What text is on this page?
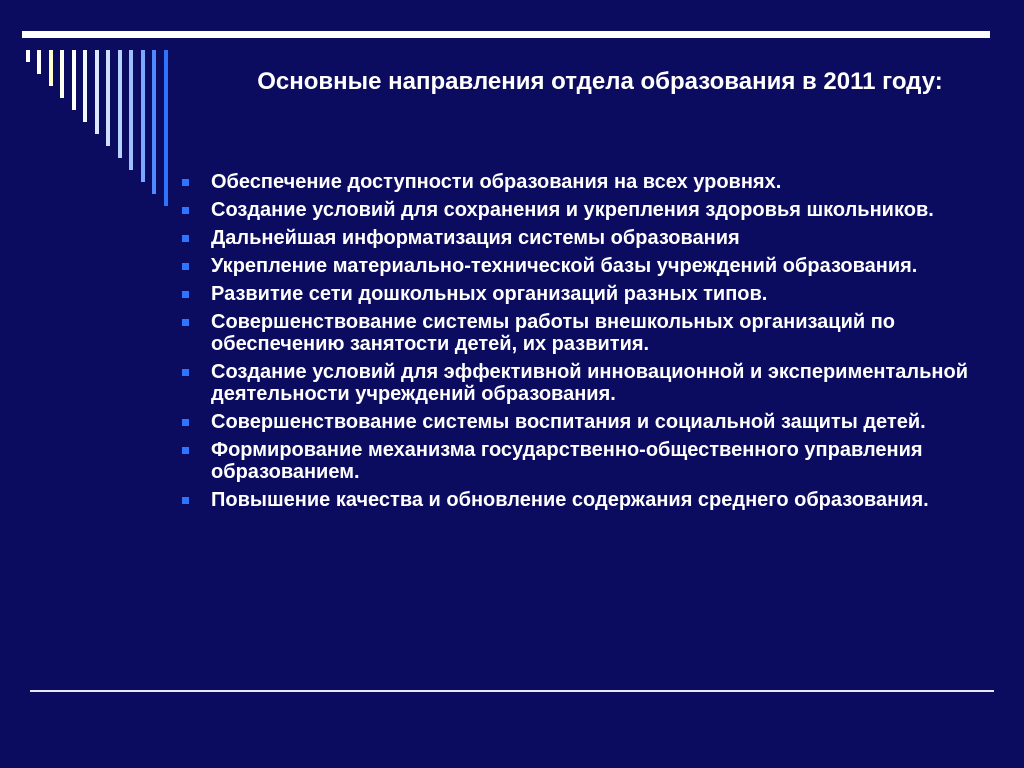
Основные направления отдела образования в 2011 году:
Обеспечение доступности образования на всех уровнях.
Создание условий для сохранения и укрепления здоровья школьников.
Дальнейшая информатизация системы образования
Укрепление материально-технической базы учреждений образования.
Развитие сети дошкольных организаций разных типов.
Совершенствование системы работы внешкольных организаций по обеспечению занятости детей, их развития.
Создание условий для эффективной инновационной и экспериментальной деятельности учреждений образования.
Совершенствование системы воспитания и социальной защиты детей.
Формирование механизма государственно-общественного управления образованием.
Повышение качества и обновление содержания среднего образования.
